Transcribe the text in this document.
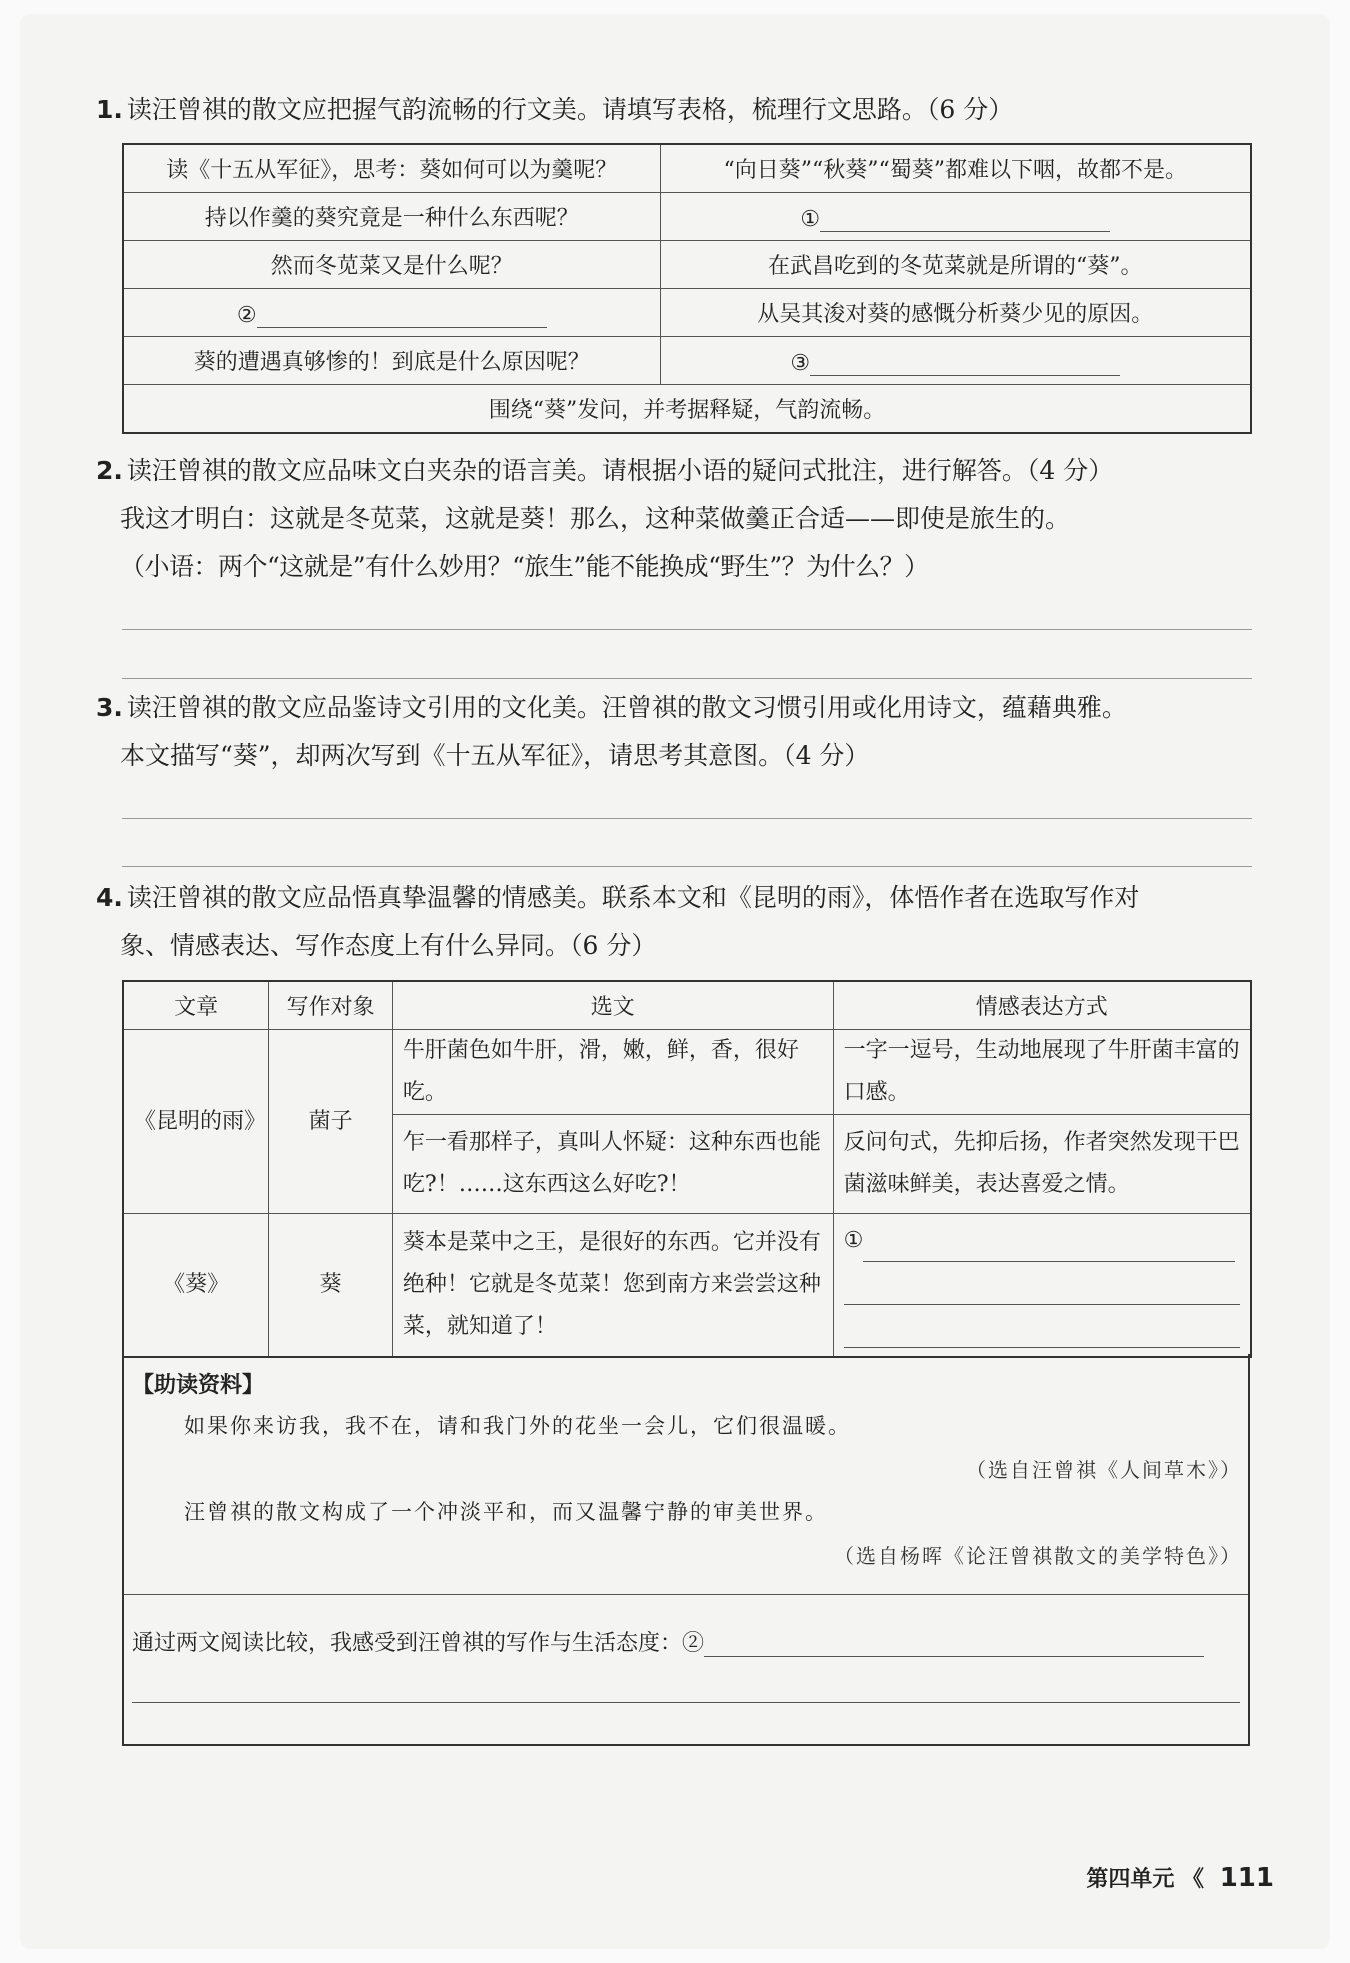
1. 读汪曾祺的散文应把握气韵流畅的行文美。请填写表格，梳理行文思路。（6 分）
读《十五从军征》，思考：葵如何可以为羹呢？	“向日葵”“秋葵”“蜀葵”都难以下咽，故都不是。
持以作羹的葵究竟是一种什么东西呢？	①
然而冬苋菜又是什么呢？	在武昌吃到的冬苋菜就是所谓的“葵”。
②	从吴其浚对葵的感慨分析葵少见的原因。
葵的遭遇真够惨的！到底是什么原因呢？	③
围绕“葵”发问，并考据释疑，气韵流畅。	
2. 读汪曾祺的散文应品味文白夹杂的语言美。请根据小语的疑问式批注，进行解答。（4 分）
我这才明白：这就是冬苋菜，这就是葵！那么，这种菜做羹正合适——即使是旅生的。
（小语：两个“这就是”有什么妙用？“旅生”能不能换成“野生”？为什么？）
3. 读汪曾祺的散文应品鉴诗文引用的文化美。汪曾祺的散文习惯引用或化用诗文，蕴藉典雅。
本文描写“葵”，却两次写到《十五从军征》，请思考其意图。（4 分）
4. 读汪曾祺的散文应品悟真挚温馨的情感美。联系本文和《昆明的雨》，体悟作者在选取写作对
象、情感表达、写作态度上有什么异同。（6 分）
文章	写作对象	选文	情感表达方式
《昆明的雨》	菌子	牛肝菌色如牛肝，滑，嫩，鲜，香，很好吃。	一字一逗号，生动地展现了牛肝菌丰富的口感。
		乍一看那样子，真叫人怀疑：这种东西也能吃?！……这东西这么好吃?！	反问句式，先抑后扬，作者突然发现干巴菌滋味鲜美，表达喜爱之情。
《葵》	葵	葵本是菜中之王，是很好的东西。它并没有绝种！它就是冬苋菜！您到南方来尝尝这种菜，就知道了！	①
【助读资料】
如果你来访我，我不在，请和我门外的花坐一会儿，它们很温暖。
（选自汪曾祺《人间草木》）
汪曾祺的散文构成了一个冲淡平和，而又温馨宁静的审美世界。
（选自杨晖《论汪曾祺散文的美学特色》）
通过两文阅读比较，我感受到汪曾祺的写作与生活态度：②
第四单元 《 111
